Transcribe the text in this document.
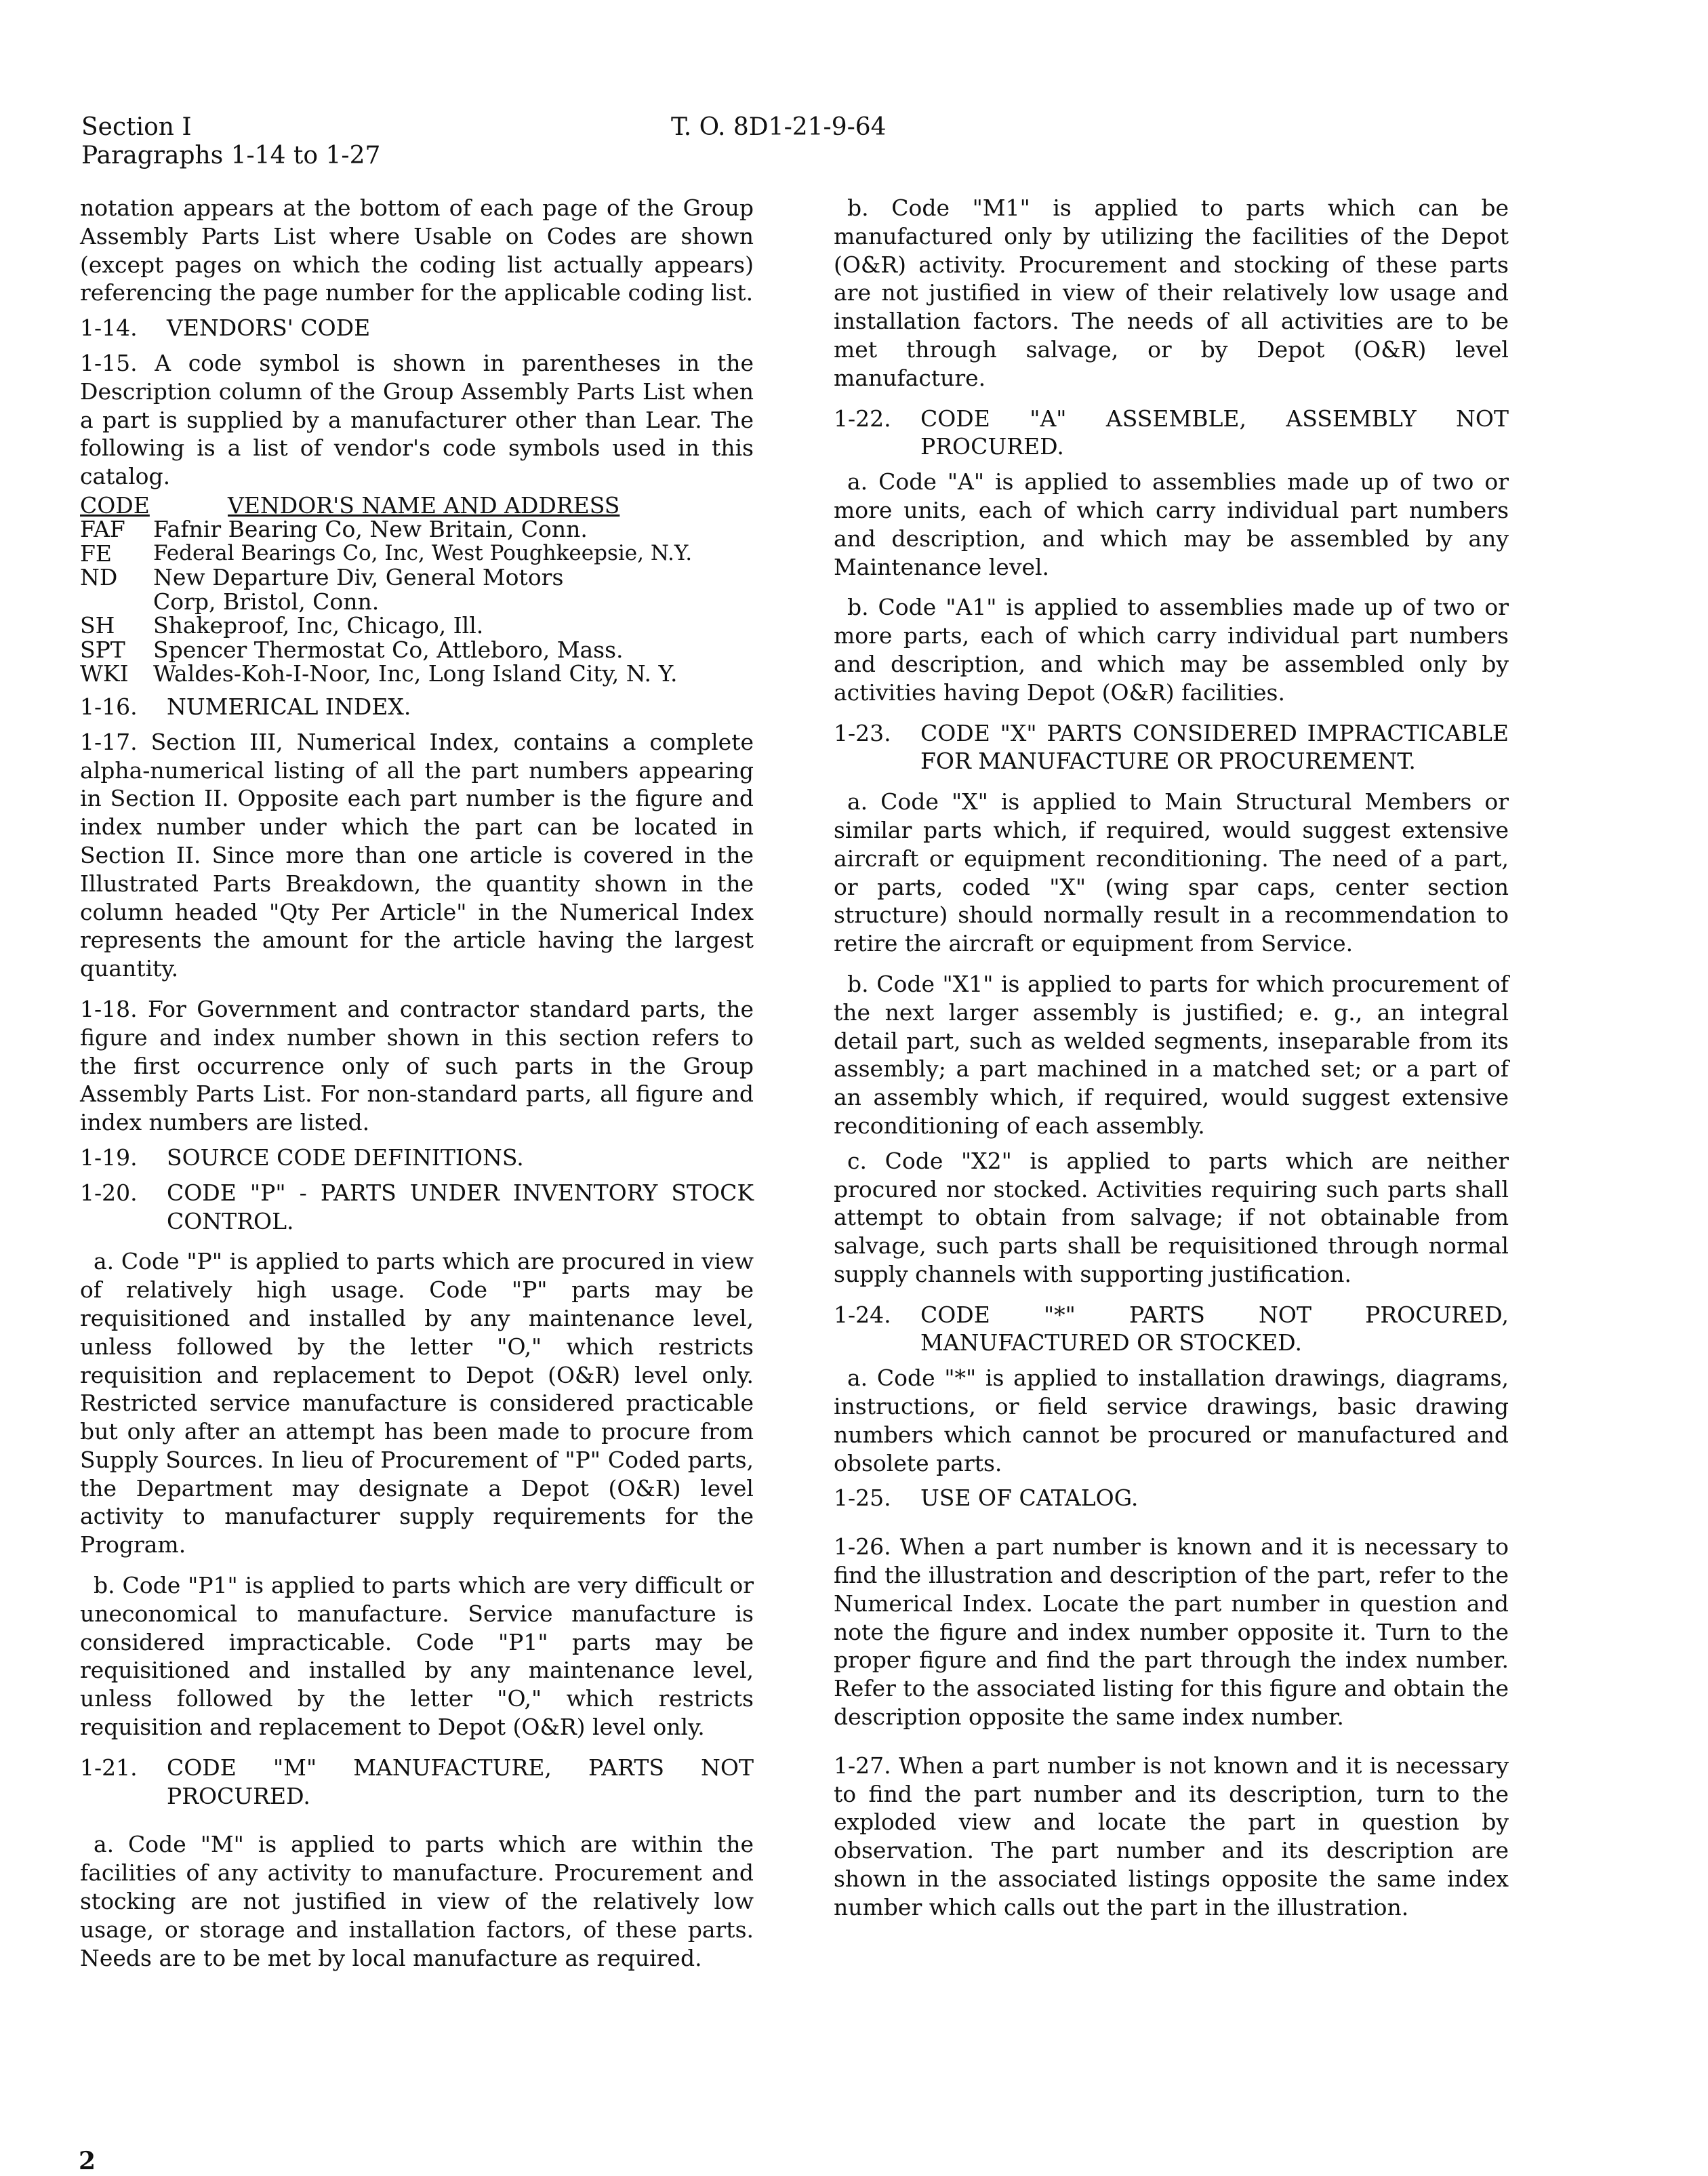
Section I
Paragraphs 1-14 to 1-27
T. O. 8D1-21-9-64

notation appears at the bottom of each page of the Group Assembly Parts List where Usable on Codes are shown (except pages on which the coding list actually appears) referencing the page number for the applicable coding list.

1-14.	VENDORS' CODE

1-15. A code symbol is shown in parentheses in the Description column of the Group Assembly Parts List when a part is supplied by a manufacturer other than Lear. The following is a list of vendor's code symbols used in this catalog.

CODE	VENDOR'S NAME AND ADDRESS
FAF	Fafnir Bearing Co, New Britain, Conn.
FE	Federal Bearings Co, Inc, West Poughkeepsie, N.Y.
ND	New Departure Div, General Motors Corp, Bristol, Conn.
SH	Shakeproof, Inc, Chicago, Ill.
SPT	Spencer Thermostat Co, Attleboro, Mass.
WKI	Waldes-Koh-I-Noor, Inc, Long Island City, N. Y.
1-16.	NUMERICAL INDEX.

1-17. Section III, Numerical Index, contains a complete alpha-numerical listing of all the part numbers appearing in Section II. Opposite each part number is the figure and index number under which the part can be located in Section II. Since more than one article is covered in the Illustrated Parts Breakdown, the quantity shown in the column headed "Qty Per Article" in the Numerical Index represents the amount for the article having the largest quantity.

1-18. For Government and contractor standard parts, the figure and index number shown in this section refers to the first occurrence only of such parts in the Group Assembly Parts List. For non-standard parts, all figure and index numbers are listed.

1-19.	SOURCE CODE DEFINITIONS.
1-20.	CODE "P" - PARTS UNDER INVENTORY STOCK CONTROL.

a. Code "P" is applied to parts which are procured in view of relatively high usage. Code "P" parts may be requisitioned and installed by any maintenance level, unless followed by the letter "O," which restricts requisition and replacement to Depot (O&R) level only. Restricted service manufacture is considered practicable but only after an attempt has been made to procure from Supply Sources. In lieu of Procurement of "P" Coded parts, the Department may designate a Depot (O&R) level activity to manufacturer supply requirements for the Program.

b. Code "P1" is applied to parts which are very difficult or uneconomical to manufacture. Service manufacture is considered impracticable. Code "P1" parts may be requisitioned and installed by any maintenance level, unless followed by the letter "O," which restricts requisition and replacement to Depot (O&R) level only.

1-21.	CODE "M" MANUFACTURE, PARTS NOT PROCURED.

a. Code "M" is applied to parts which are within the facilities of any activity to manufacture. Procurement and stocking are not justified in view of the relatively low usage, or storage and installation factors, of these parts. Needs are to be met by local manufacture as required.

b. Code "M1" is applied to parts which can be manufactured only by utilizing the facilities of the Depot (O&R) activity. Procurement and stocking of these parts are not justified in view of their relatively low usage and installation factors. The needs of all activities are to be met through salvage, or by Depot (O&R) level manufacture.

1-22.	CODE "A" ASSEMBLE, ASSEMBLY NOT PROCURED.

a. Code "A" is applied to assemblies made up of two or more units, each of which carry individual part numbers and description, and which may be assembled by any Maintenance level.

b. Code "A1" is applied to assemblies made up of two or more parts, each of which carry individual part numbers and description, and which may be assembled only by activities having Depot (O&R) facilities.

1-23.	CODE "X" PARTS CONSIDERED IMPRACTICABLE FOR MANUFACTURE OR PROCUREMENT.

a. Code "X" is applied to Main Structural Members or similar parts which, if required, would suggest extensive aircraft or equipment reconditioning. The need of a part, or parts, coded "X" (wing spar caps, center section structure) should normally result in a recommendation to retire the aircraft or equipment from Service.

b. Code "X1" is applied to parts for which procurement of the next larger assembly is justified; e. g., an integral detail part, such as welded segments, inseparable from its assembly; a part machined in a matched set; or a part of an assembly which, if required, would suggest extensive reconditioning of each assembly.

c. Code "X2" is applied to parts which are neither procured nor stocked. Activities requiring such parts shall attempt to obtain from salvage; if not obtainable from salvage, such parts shall be requisitioned through normal supply channels with supporting justification.

1-24.	CODE "*" PARTS NOT PROCURED, MANUFACTURED OR STOCKED.

a. Code "*" is applied to installation drawings, diagrams, instructions, or field service drawings, basic drawing numbers which cannot be procured or manufactured and obsolete parts.

1-25.	USE OF CATALOG.

1-26. When a part number is known and it is necessary to find the illustration and description of the part, refer to the Numerical Index. Locate the part number in question and note the figure and index number opposite it. Turn to the proper figure and find the part through the index number. Refer to the associated listing for this figure and obtain the description opposite the same index number.

1-27. When a part number is not known and it is necessary to find the part number and its description, turn to the exploded view and locate the part in question by observation. The part number and its description are shown in the associated listings opposite the same index number which calls out the part in the illustration.

2
